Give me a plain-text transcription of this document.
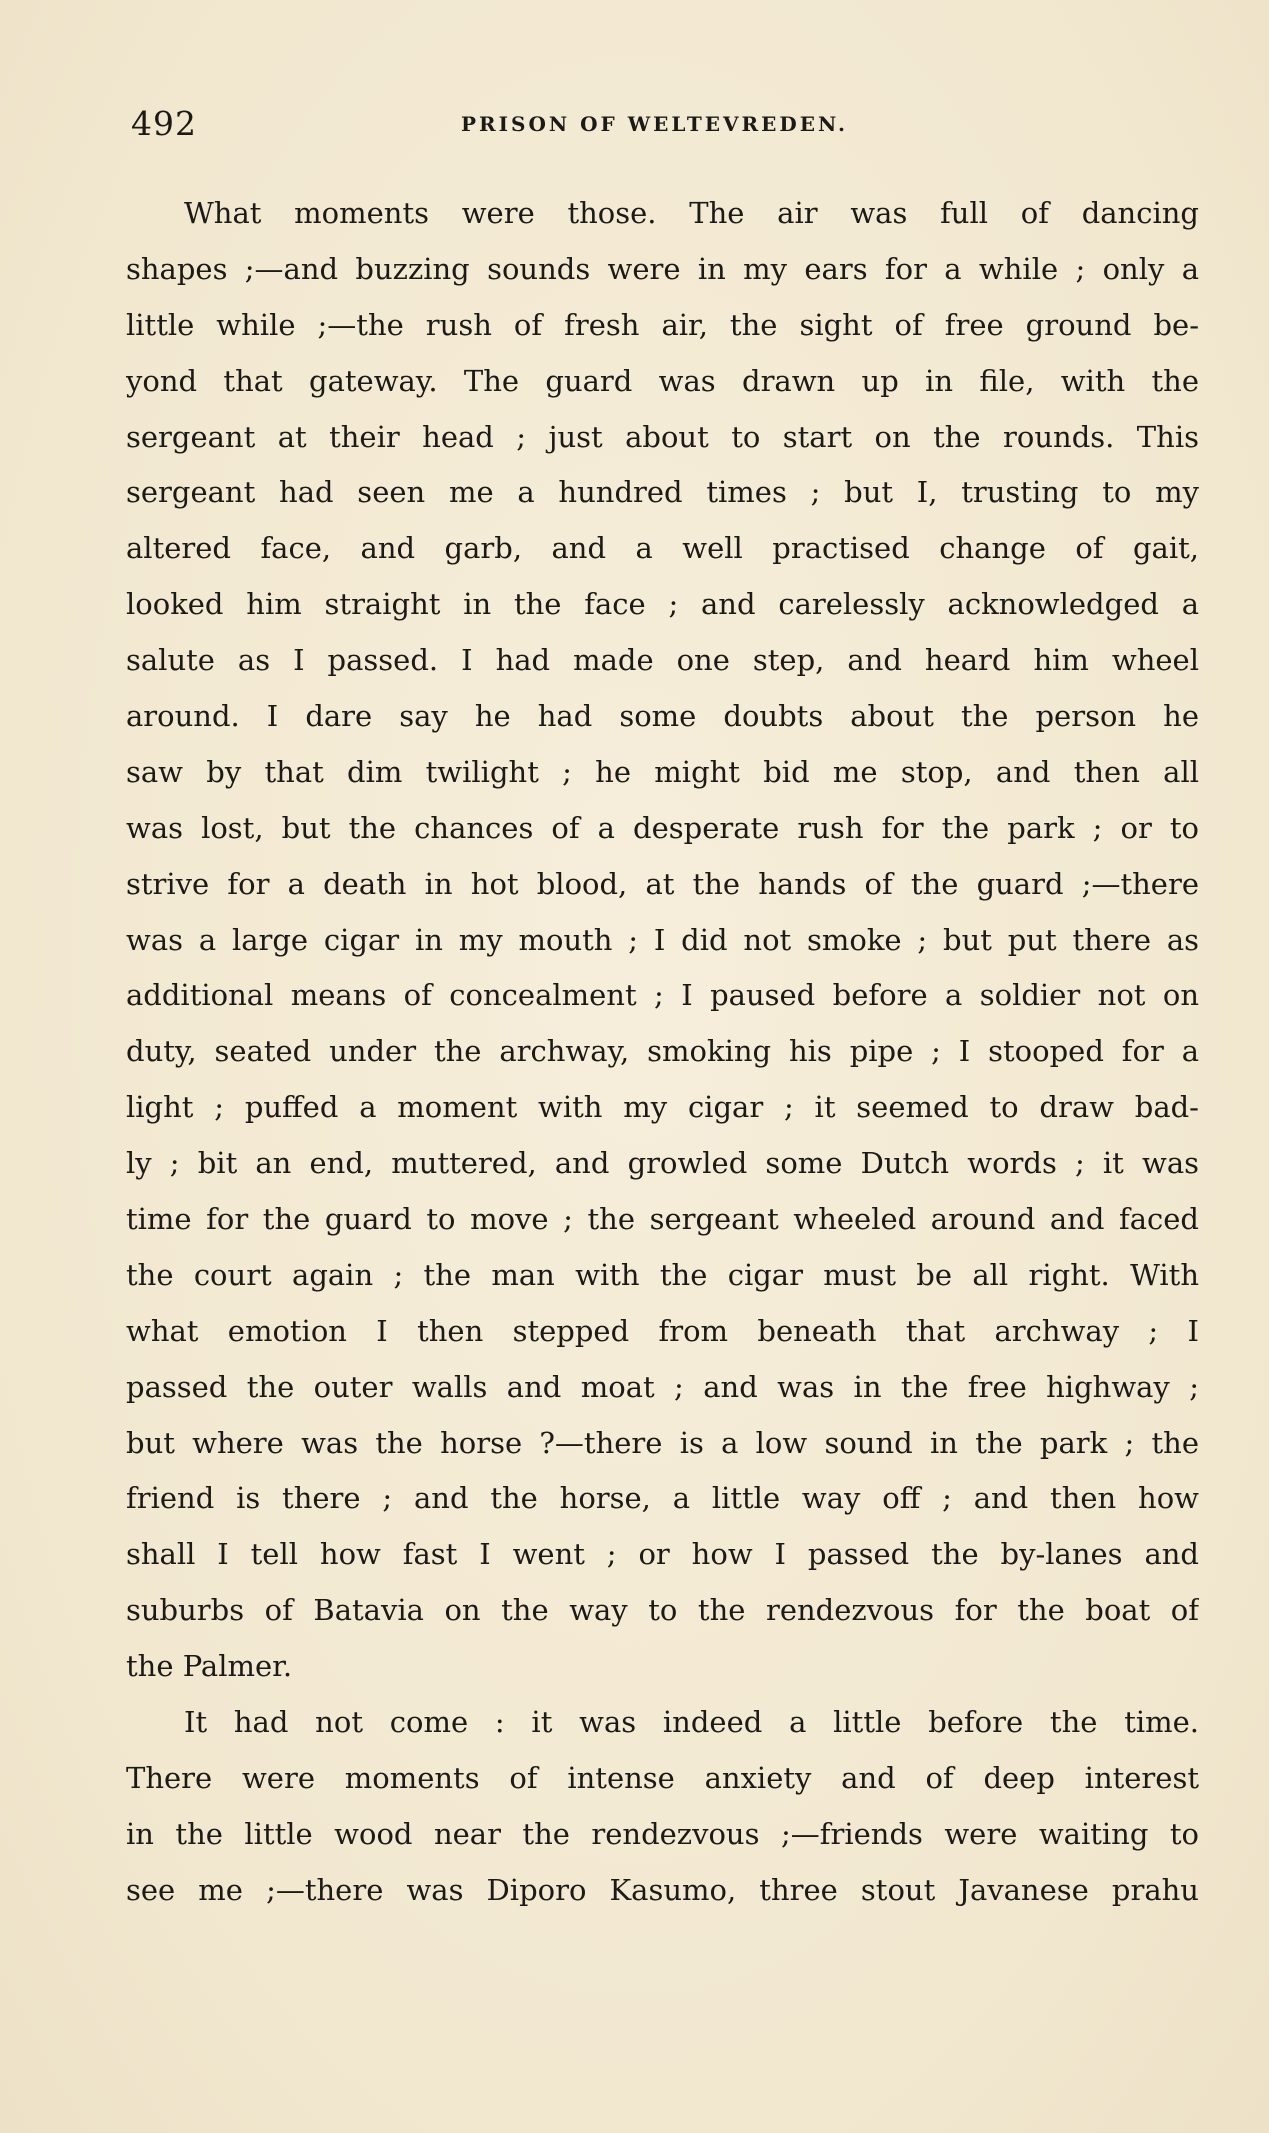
492	PRISON OF WELTEVREDEN.
What moments were those. The air was full of dancing
shapes ;—and buzzing sounds were in my ears for a while ; only a
little while ;—the rush of fresh air, the sight of free ground be-
yond that gateway. The guard was drawn up in file, with the
sergeant at their head ; just about to start on the rounds. This
sergeant had seen me a hundred times ; but I, trusting to my
altered face, and garb, and a well practised change of gait,
looked him straight in the face ; and carelessly acknowledged a
salute as I passed. I had made one step, and heard him wheel
around. I dare say he had some doubts about the person he
saw by that dim twilight ; he might bid me stop, and then all
was lost, but the chances of a desperate rush for the park ; or to
strive for a death in hot blood, at the hands of the guard ;—there
was a large cigar in my mouth ; I did not smoke ; but put there as
additional means of concealment ; I paused before a soldier not on
duty, seated under the archway, smoking his pipe ; I stooped for a
light ; puffed a moment with my cigar ; it seemed to draw bad-
ly ; bit an end, muttered, and growled some Dutch words ; it was
time for the guard to move ; the sergeant wheeled around and faced
the court again ; the man with the cigar must be all right. With
what emotion I then stepped from beneath that archway ; I
passed the outer walls and moat ; and was in the free highway ;
but where was the horse ?—there is a low sound in the park ; the
friend is there ; and the horse, a little way off ; and then how
shall I tell how fast I went ; or how I passed the by-lanes and
suburbs of Batavia on the way to the rendezvous for the boat of
the Palmer.
It had not come : it was indeed a little before the time.
There were moments of intense anxiety and of deep interest
in the little wood near the rendezvous ;—friends were waiting to
see me ;—there was Diporo Kasumo, three stout Javanese prahu
